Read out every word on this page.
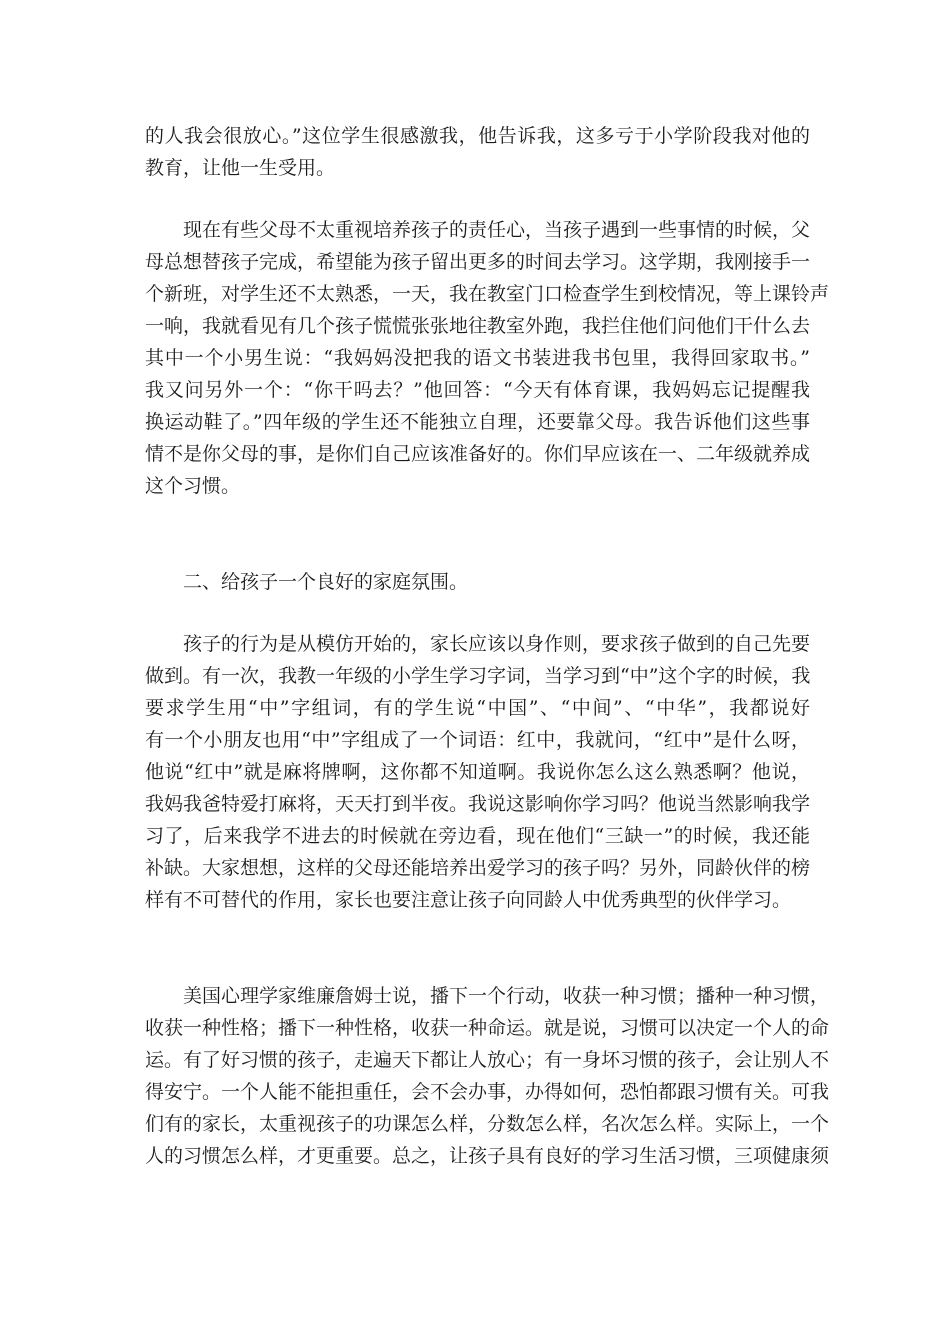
的人我会很放心。”这位学生很感激我，他告诉我，这多亏于小学阶段我对他的
教育，让他一生受用。
　　现在有些父母不太重视培养孩子的责任心，当孩子遇到一些事情的时候，父
母总想替孩子完成，希望能为孩子留出更多的时间去学习。这学期，我刚接手一
个新班，对学生还不太熟悉，一天，我在教室门口检查学生到校情况，等上课铃声
一响，我就看见有几个孩子慌慌张张地往教室外跑，我拦住他们问他们干什么去
其中一个小男生说：“我妈妈没把我的语文书装进我书包里，我得回家取书。”
我又问另外一个：“你干吗去？”他回答：“今天有体育课，我妈妈忘记提醒我
换运动鞋了。”四年级的学生还不能独立自理，还要靠父母。我告诉他们这些事
情不是你父母的事，是你们自己应该准备好的。你们早应该在一、二年级就养成
这个习惯。
　　二、给孩子一个良好的家庭氛围。
　　孩子的行为是从模仿开始的，家长应该以身作则，要求孩子做到的自己先要
做到。有一次，我教一年级的小学生学习字词，当学习到“中”这个字的时候，我
要求学生用“中”字组词，有的学生说“中国”、“中间”、“中华”，我都说好
有一个小朋友也用“中”字组成了一个词语：红中，我就问，“红中”是什么呀，
他说“红中”就是麻将牌啊，这你都不知道啊。我说你怎么这么熟悉啊？他说，
我妈我爸特爱打麻将，天天打到半夜。我说这影响你学习吗？他说当然影响我学
习了，后来我学不进去的时候就在旁边看，现在他们“三缺一”的时候，我还能
补缺。大家想想，这样的父母还能培养出爱学习的孩子吗？另外，同龄伙伴的榜
样有不可替代的作用，家长也要注意让孩子向同龄人中优秀典型的伙伴学习。
　　美国心理学家维廉詹姆士说，播下一个行动，收获一种习惯；播种一种习惯，
收获一种性格；播下一种性格，收获一种命运。就是说，习惯可以决定一个人的命
运。有了好习惯的孩子，走遍天下都让人放心；有一身坏习惯的孩子，会让别人不
得安宁。一个人能不能担重任，会不会办事，办得如何，恐怕都跟习惯有关。可我
们有的家长，太重视孩子的功课怎么样，分数怎么样，名次怎么样。实际上，一个
人的习惯怎么样，才更重要。总之，让孩子具有良好的学习生活习惯，三项健康须
